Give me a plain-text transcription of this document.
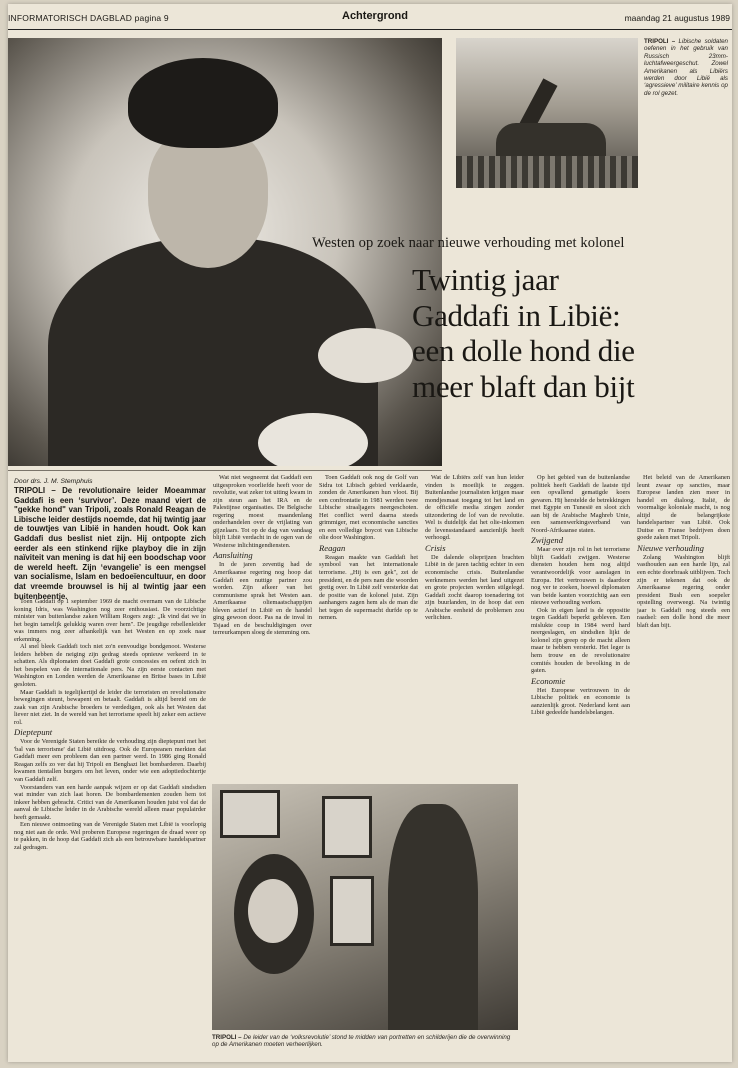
INFORMATORISCH DAGBLAD pagina 9	Achtergrond	maandag 21 augustus 1989
TRIPOLI – Libische soldaten oefenen in het gebruik van Russisch 23mm-luchtafweergeschut. Zowel Amerikanen als Libiërs werden door Libië als ‘agressieve’ militaire kennis op de rol gezet.
Westen op zoek naar nieuwe verhouding met kolonel
Twintig jaar
Gaddafi in Libië:
een dolle hond die
meer blaft dan bijt
Door drs. J. M. Stemphuis
TRIPOLI – De revolutionaire leider Moeammar Gaddafi is een ‘survivor’. Deze maand viert de "gekke hond" van Tripoli, zoals Ronald Reagan de Libische leider destijds noemde, dat hij twintig jaar de touwtjes van Libië in handen houdt. Ook kan Gaddafi dus beslist niet zijn. Hij ontpopte zich eerder als een stinkend rijke playboy die in zijn naïviteit van mening is dat hij een boodschap voor de wereld heeft. Zijn ‘evangelie’ is een mengsel van socialisme, Islam en bedoeïencultuur, en door dat vreemde brouwsel is hij al twintig jaar een buitenbeentje.

Toen Gaddafi op 1 september 1969 de macht overnam van de Libische koning Idris, was Washington nog zeer enthousiast. De voorzichtige minister van buitenlandse zaken William Rogers zegt: „Ik vind dat we in het begin tamelijk gelukkig waren over hem". De jeugdige rebellenleider was immers nog zeer afhankelijk van het Westen en op zoek naar erkenning.

Al snel bleek Gaddafi toch niet zo'n eenvoudige bondgenoot. Westerse leiders hebben de neiging zijn gedrag steeds opnieuw verkeerd in te schatten. Als diplomaten doet Gaddafi grote concessies en oefent zich in het bespelen van de internationale pers. Na zijn eerste contacten met Washington en Londen werden de Amerikaanse en Britse bases in Libië gesloten.

Maar Gaddafi is tegelijkertijd de leider die terroristen en revolutionaire bewegingen steunt, bewapent en betaalt. Gaddafi is altijd bereid om de zaak van zijn Arabische broeders te verdedigen, ook als het Westen dat liever niet ziet. In de wereld van het terrorisme speelt hij zeker een actieve rol.

Dieptepunt

Voor de Verenigde Staten bereikte de verhouding zijn dieptepunt met het 'bal van terrorisme' dat Libië uitdroeg. Ook de Europeanen merkten dat Gaddafi meer een probleem dan een partner werd. In 1986 ging Ronald Reagan zelfs zo ver dat hij Tripoli en Benghazi liet bombarderen. Daarbij kwamen tientallen burgers om het leven, onder wie een adoptiedochtertje van Gaddafi zelf.

Voorstanders van een harde aanpak wijzen er op dat Gaddafi sindsdien wat minder van zich laat horen. De bombardementen zouden hem tot inkeer hebben gebracht. Critici van de Amerikanen houden juist vol dat de aanval de Libische leider in de Arabische wereld alleen maar populairder heeft gemaakt.

Een nieuwe ontmoeting van de Verenigde Staten met Libië is voorlopig nog niet aan de orde. Wel proberen Europese regeringen de draad weer op te pakken, in de hoop dat Gaddafi zich als een betrouwbare handelspartner zal gedragen.

Wat niet wegneemt dat Gaddafi een uitgesproken voorliefde heeft voor de revolutie, wat zeker tot uiting kwam in zijn steun aan het IRA en de Palestijnse organisaties. De Belgische regering moest maandenlang onderhandelen over de vrijlating van gijzelaars. Tot op de dag van vandaag blijft Libië verdacht in de ogen van de Westerse inlichtingendiensten.

Aansluiting

In de jaren zeventig had de Amerikaanse regering nog hoop dat Gaddafi een nuttige partner zou worden. Zijn afkeer van het communisme sprak het Westen aan. Amerikaanse oliemaatschappijen bleven actief in Libië en de handel ging gewoon door. Pas na de inval in Tsjaad en de beschuldigingen over terreurkampen sloeg de stemming om.

Toen Gaddafi ook nog de Golf van Sidra tot Libisch gebied verklaarde, zonden de Amerikanen hun vloot. Bij een confrontatie in 1981 werden twee Libische straaljagers neergeschoten. Het conflict werd daarna steeds grimmiger, met economische sancties en een volledige boycot van Libische olie door Washington.

Reagan

Reagan maakte van Gaddafi het symbool van het internationale terrorisme. „Hij is een gek", zei de president, en de pers nam die woorden gretig over. In Libië zelf versterkte dat de positie van de kolonel juist. Zijn aanhangers zagen hem als de man die het tegen de supermacht durfde op te nemen.

Wat de Libiërs zelf van hun leider vinden is moeilijk te zeggen. Buitenlandse journalisten krijgen maar mondjesmaat toegang tot het land en de officiële media zingen zonder uitzondering de lof van de revolutie. Wel is duidelijk dat het olie-inkomen de levensstandaard aanzienlijk heeft verhoogd.

Crisis

De dalende olieprijzen brachten Libië in de jaren tachtig echter in een economische crisis. Buitenlandse werknemers werden het land uitgezet en grote projecten werden stilgelegd. Gaddafi zocht daarop toenadering tot zijn buurlanden, in de hoop dat een Arabische eenheid de problemen zou verlichten.

Op het gebied van de buitenlandse politiek heeft Gaddafi de laatste tijd een opvallend gematigde koers gevaren. Hij herstelde de betrekkingen met Egypte en Tunesië en sloot zich aan bij de Arabische Maghreb Unie, een samenwerkingsverband van Noord-Afrikaanse staten.

Zwijgend

Maar over zijn rol in het terrorisme blijft Gaddafi zwijgen. Westerse diensten houden hem nog altijd verantwoordelijk voor aanslagen in Europa. Het vertrouwen is daardoor nog ver te zoeken, hoewel diplomaten van beide kanten voorzichtig aan een nieuwe verhouding werken.

Ook in eigen land is de oppositie tegen Gaddafi beperkt gebleven. Een mislukte coup in 1984 werd hard neergeslagen, en sindsdien lijkt de kolonel zijn greep op de macht alleen maar te hebben versterkt. Het leger is hem trouw en de revolutionaire comités houden de bevolking in de gaten.

Economie

Het Europese vertrouwen in de Libische politiek en economie is aanzienlijk groot. Nederland kent aan Libië gedeelde handelsbelangen.

Het beleid van de Amerikanen leunt zwaar op sancties, maar Europese landen zien meer in handel en dialoog. Italië, de voormalige koloniale macht, is nog altijd de belangrijkste handelspartner van Libië. Ook Duitse en Franse bedrijven doen goede zaken met Tripoli.

Nieuwe verhouding

Zolang Washington blijft vasthouden aan een harde lijn, zal een echte doorbraak uitblijven. Toch zijn er tekenen dat ook de Amerikaanse regering onder president Bush een soepeler opstelling overweegt. Na twintig jaar is Gaddafi nog steeds een raadsel: een dolle hond die meer blaft dan bijt.

TRIPOLI – De leider van de ‘volksrevolutie’ stond te midden van portretten en schilderijen die de overwinning op de Amerikanen moeten verheerlijken.
